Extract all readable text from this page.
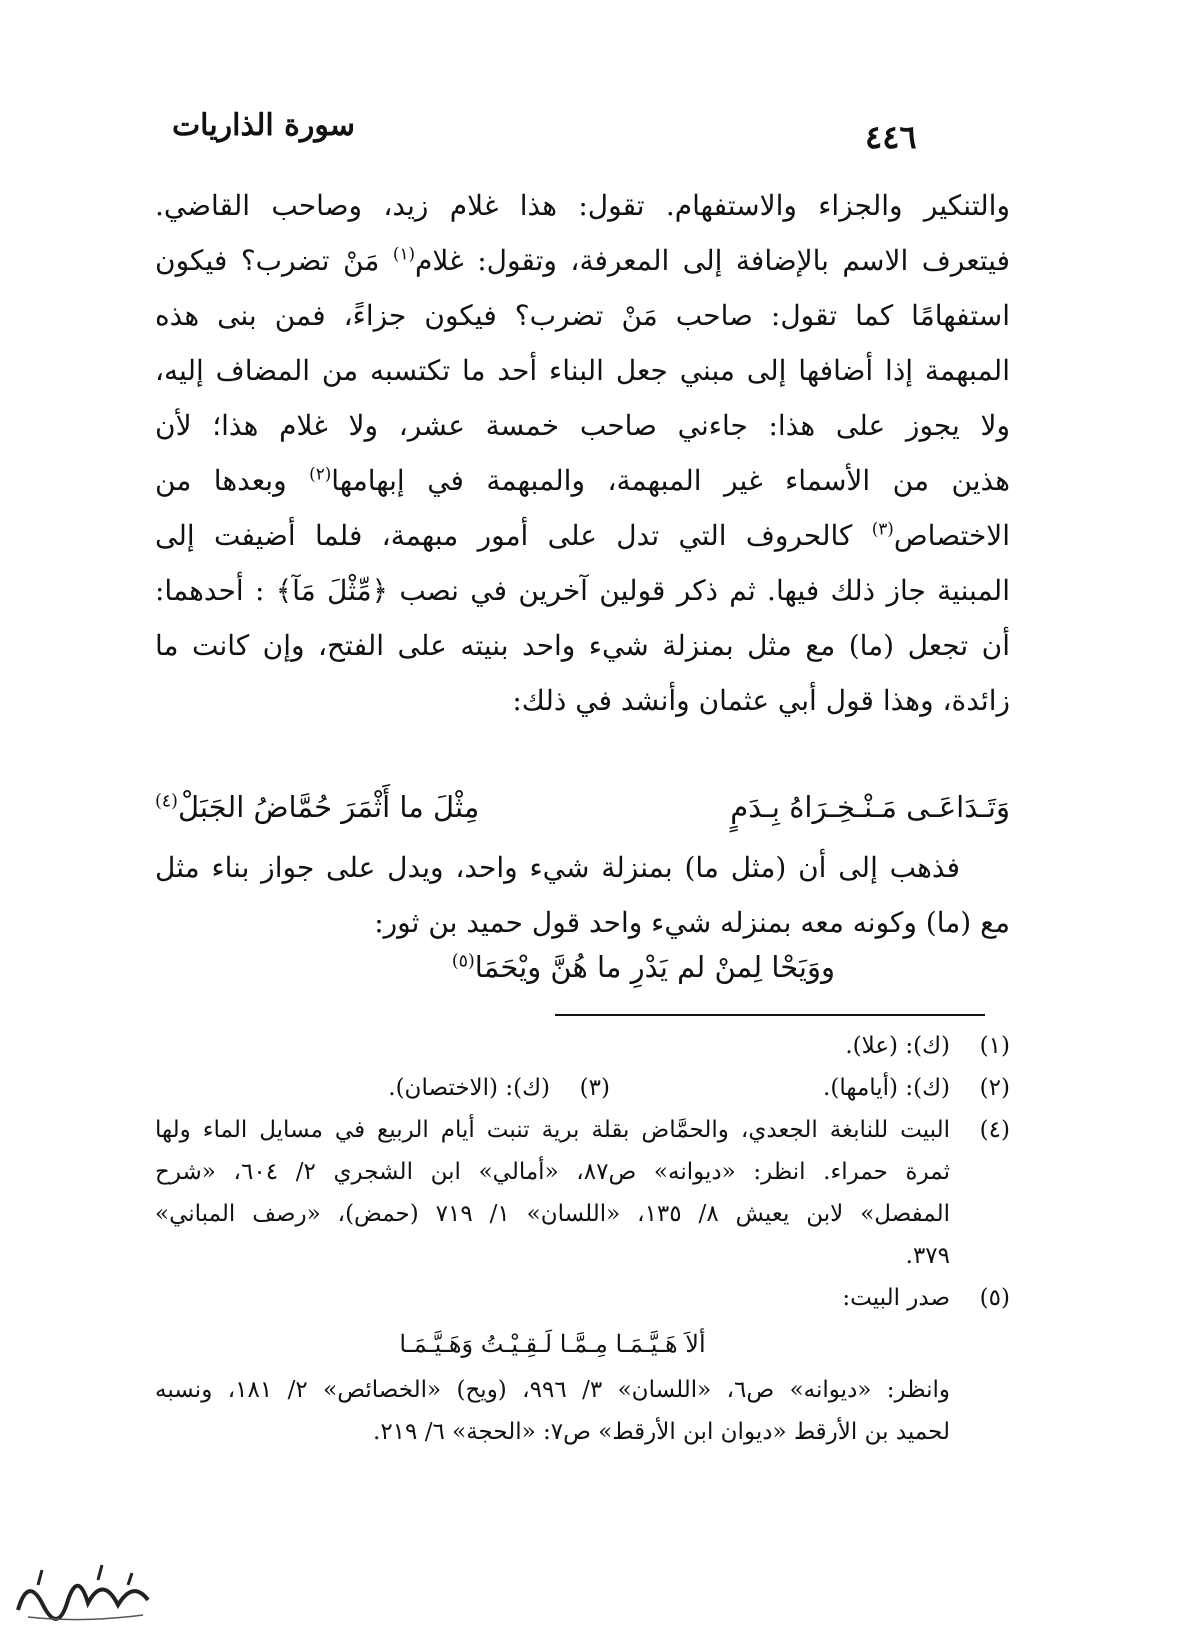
سورة الذاريات	٤٤٦
والتنكير والجزاء والاستفهام. تقول: هذا غلام زيد، وصاحب القاضي.
فيتعرف الاسم بالإضافة إلى المعرفة، وتقول: غلام$^{(١)}$ مَنْ تضرب؟ فيكون
استفهامًا كما تقول: صاحب مَنْ تضرب؟ فيكون جزاءً، فمن بنى هذه
المبهمة إذا أضافها إلى مبني جعل البناء أحد ما تكتسبه من المضاف إليه،
ولا يجوز على هذا: جاءني صاحب خمسة عشر، ولا غلام هذا؛ لأن
هذين من الأسماء غير المبهمة، والمبهمة في إبهامها$^{(٢)}$ وبعدها من
الاختصاص$^{(٣)}$ كالحروف التي تدل على أمور مبهمة، فلما أضيفت إلى
المبنية جاز ذلك فيها. ثم ذكر قولين آخرين في نصب ﴿مِّثْلَ مَآ﴾ : أحدهما:
أن تجعل (ما) مع مثل بمنزلة شيء واحد بنيته على الفتح، وإن كانت ما
زائدة، وهذا قول أبي عثمان وأنشد في ذلك:
وَتَـدَاعَـى مَـنْـخِـرَاهُ بِـدَمٍ
مِثْلَ ما أَثْمَرَ حُمَّاضُ الجَبَلْ$^{(٤)}$
فذهب إلى أن (مثل ما) بمنزلة شيء واحد، ويدل على جواز بناء مثل
مع (ما) وكونه معه بمنزله شيء واحد قول حميد بن ثور:
ووَيَحْا لِمنْ لم يَدْرِ ما هُنَّ ويْحَمَا$^{(٥)}$
(١)
(ك): (علا).
(٢)
(ك): (أيامها).
(٣)
(ك): (الاختصان).
(٤)
البيت للنابغة الجعدي، والحمَّاض بقلة برية تنبت أيام الربيع في مسايل الماء ولها
ثمرة حمراء. انظر: «ديوانه» ص٨٧، «أمالي» ابن الشجري ٢/ ٦٠٤، «شرح
المفصل» لابن يعيش ٨/ ١٣٥، «اللسان» ١/ ٧١٩ (حمض)، «رصف المباني»
٣٧٩.
(٥)
صدر البيت:
ألاَ هَـيَّـمَـا مِـمَّـا لَـقِـيْـتُ وَهَـيَّـمَـا
وانظر: «ديوانه» ص٦، «اللسان» ٣/ ٩٩٦، (ويح) «الخصائص» ٢/ ١٨١، ونسبه
لحميد بن الأرقط «ديوان ابن الأرقط» ص٧: «الحجة» ٦/ ٢١٩.
